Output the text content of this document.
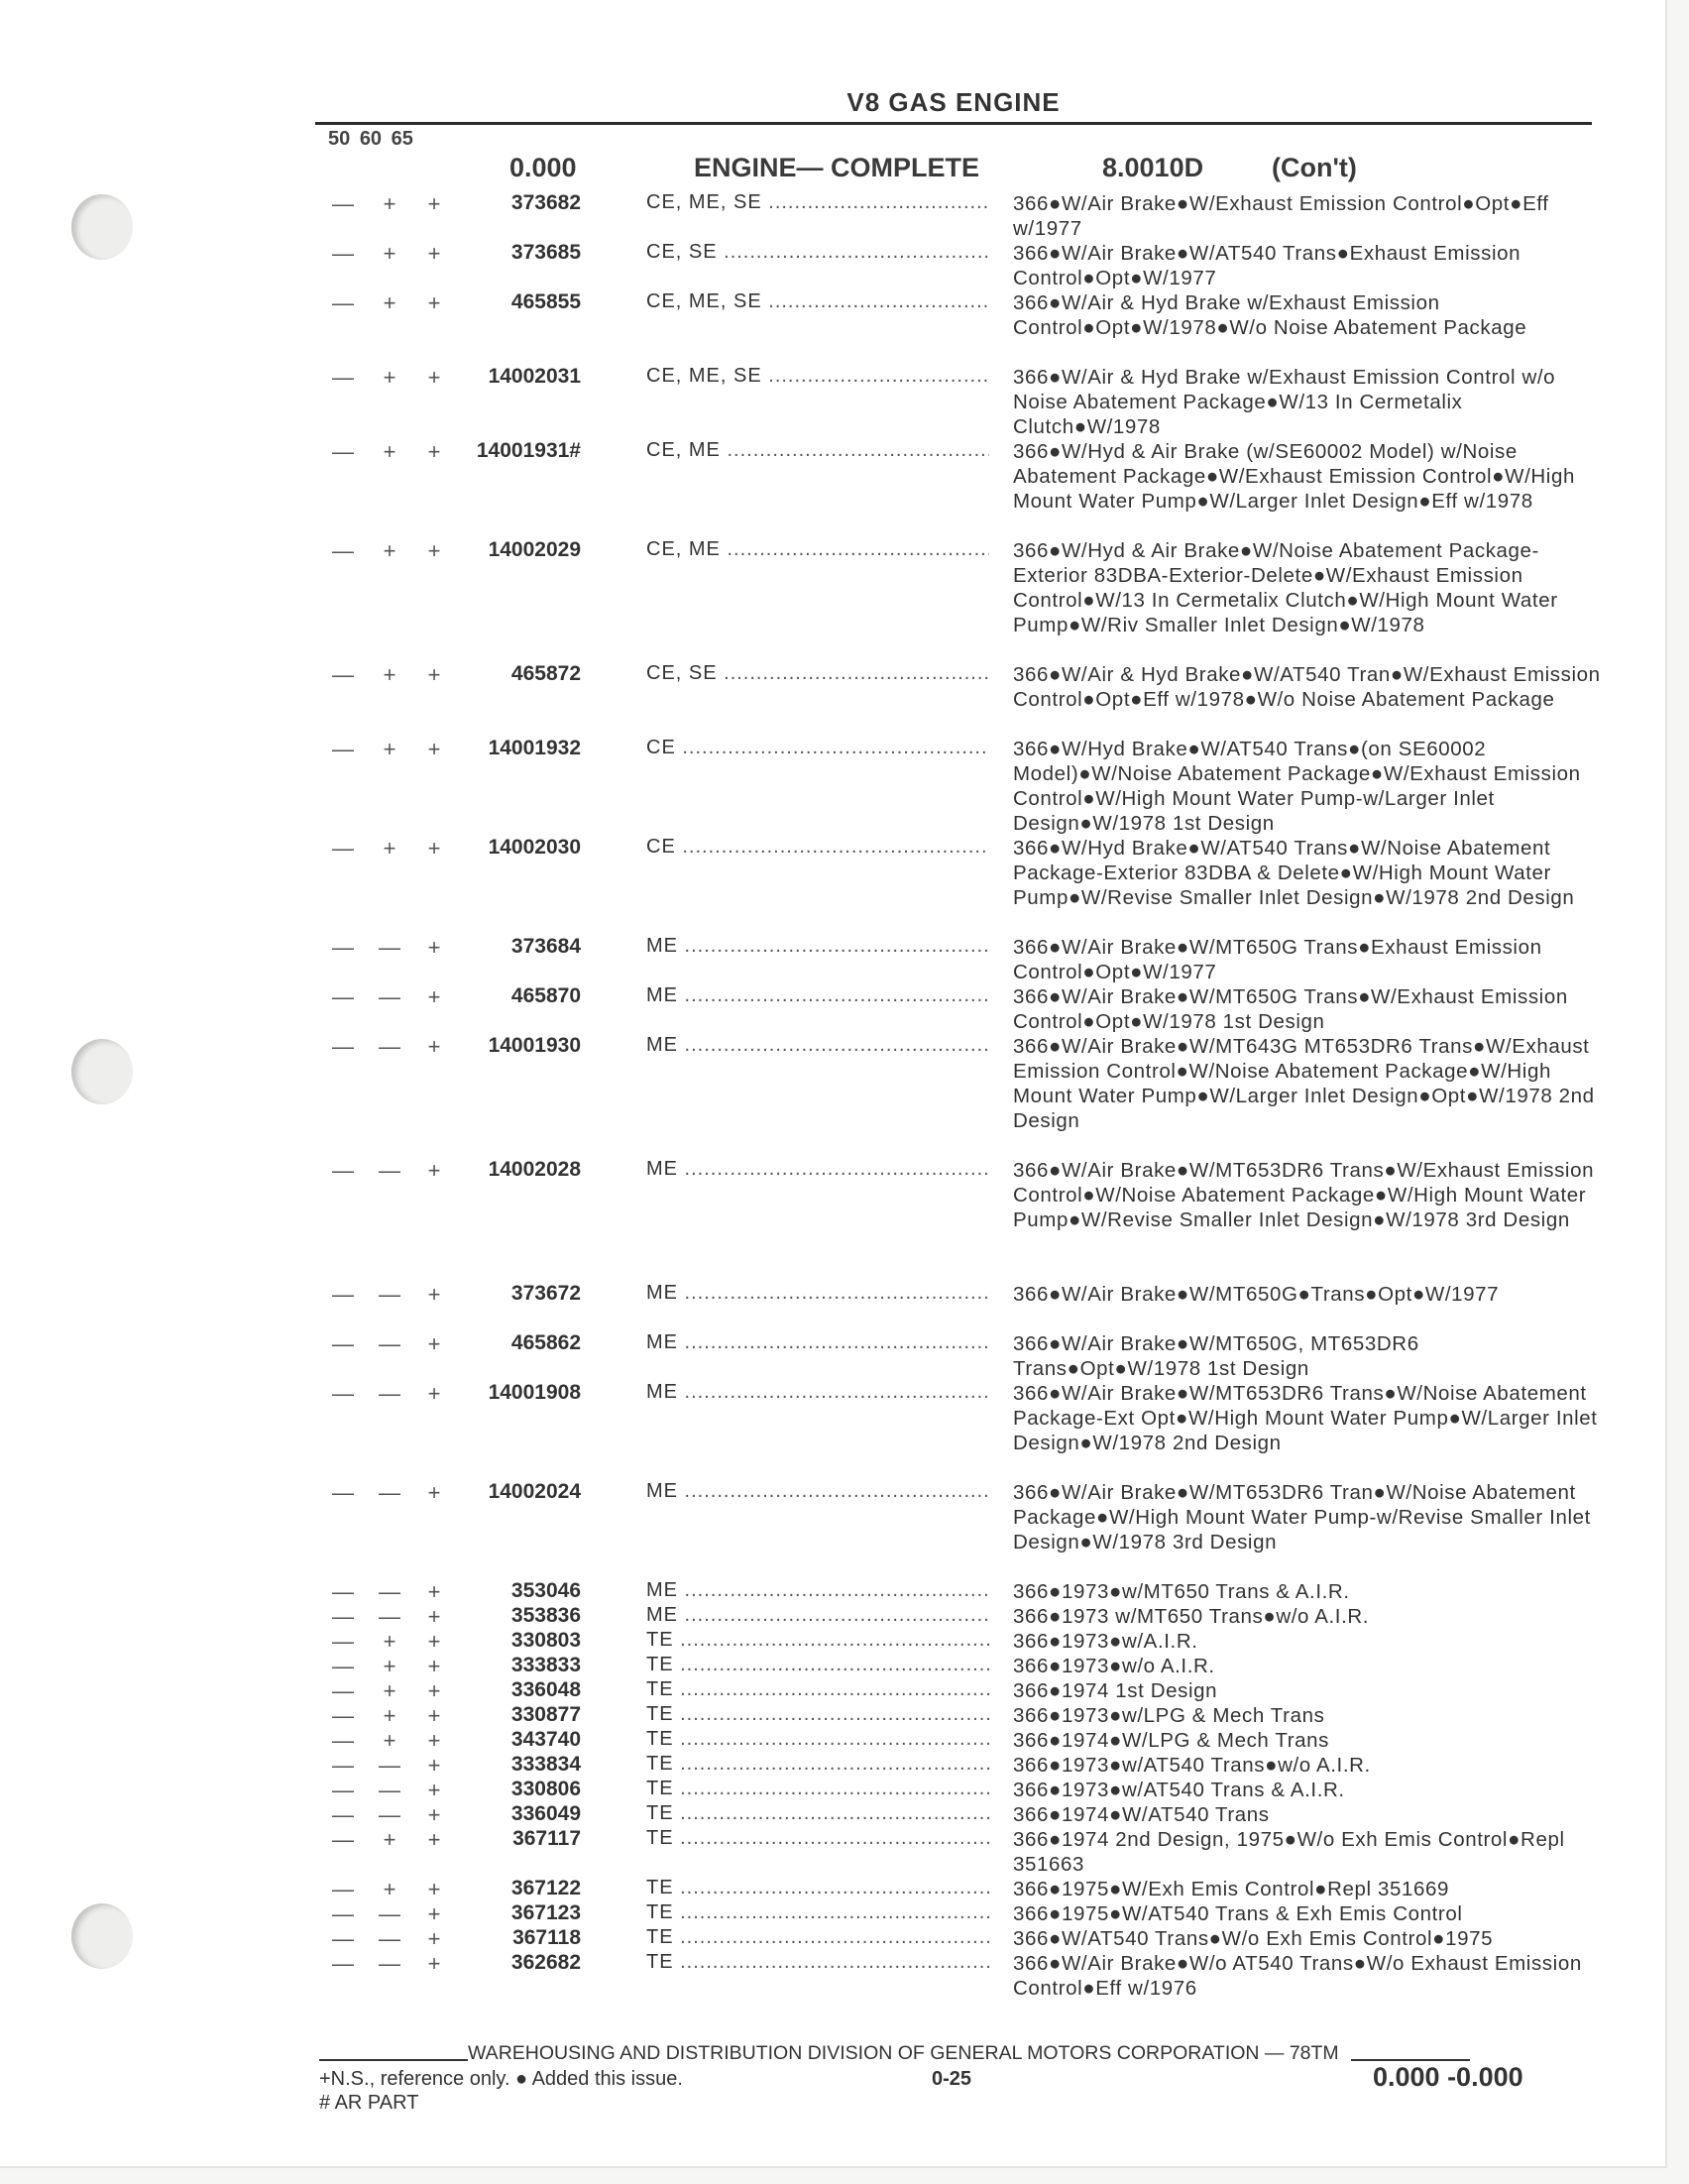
V8 GAS ENGINE
50 60 65
0.000	ENGINE— COMPLETE	8.0010D	(Con't)
—	+	+	373682	CE, ME, SE .....	366●W/Air Brake●W/Exhaust Emission Control●Opt●Eff w/1977
—	+	+	373685	CE, SE .....	366●W/Air Brake●W/AT540 Trans●Exhaust Emission Control●Opt●W/1977
—	+	+	465855	CE, ME, SE .....	366●W/Air & Hyd Brake w/Exhaust Emission Control●Opt●W/1978●W/o Noise Abatement Package
—	+	+	14002031	CE, ME, SE .....	366●W/Air & Hyd Brake w/Exhaust Emission Control w/o Noise Abatement Package●W/13 In Cermetalix Clutch●W/1978
—	+	+	14001931#	CE, ME .....	366●W/Hyd & Air Brake (w/SE60002 Model) w/Noise Abatement Package●W/Exhaust Emission Control●W/High Mount Water Pump●W/Larger Inlet Design●Eff w/1978
—	+	+	14002029	CE, ME .....	366●W/Hyd & Air Brake●W/Noise Abatement Package-Exterior 83DBA-Exterior-Delete●W/Exhaust Emission Control●W/13 In Cermetalix Clutch●W/High Mount Water Pump●W/Riv Smaller Inlet Design●W/1978
—	+	+	465872	CE, SE .....	366●W/Air & Hyd Brake●W/AT540 Tran●W/Exhaust Emission Control●Opt●Eff w/1978●W/o Noise Abatement Package
—	+	+	14001932	CE .....	366●W/Hyd Brake●W/AT540 Trans●(on SE60002 Model)●W/Noise Abatement Package●W/Exhaust Emission Control●W/High Mount Water Pump-w/Larger Inlet Design●W/1978 1st Design
—	+	+	14002030	CE .....	366●W/Hyd Brake●W/AT540 Trans●W/Noise Abatement Package-Exterior 83DBA & Delete●W/High Mount Water Pump●W/Revise Smaller Inlet Design●W/1978 2nd Design
— —	+	373684	ME .....	366●W/Air Brake●W/MT650G Trans●Exhaust Emission Control●Opt●W/1977
— —	+	465870	ME .....	366●W/Air Brake●W/MT650G Trans●W/Exhaust Emission Control●Opt●W/1978 1st Design
— —	+	14001930	ME .....	366●W/Air Brake●W/MT643G MT653DR6 Trans●W/Exhaust Emission Control●W/Noise Abatement Package●W/High Mount Water Pump●W/Larger Inlet Design●Opt●W/1978 2nd Design
— —	+	14002028	ME .....	366●W/Air Brake●W/MT653DR6 Trans●W/Exhaust Emission Control●W/Noise Abatement Package●W/High Mount Water Pump●W/Revise Smaller Inlet Design●W/1978 3rd Design
— —	+	373672	ME .....	366●W/Air Brake●W/MT650G●Trans●Opt●W/1977
— —	+	465862	ME .....	366●W/Air Brake●W/MT650G, MT653DR6 Trans●Opt●W/1978 1st Design
— —	+	14001908	ME .....	366●W/Air Brake●W/MT653DR6 Trans●W/Noise Abatement Package-Ext Opt●W/High Mount Water Pump●W/Larger Inlet Design●W/1978 2nd Design
— —	+	14002024	ME .....	366●W/Air Brake●W/MT653DR6 Tran●W/Noise Abatement Package●W/High Mount Water Pump-w/Revise Smaller Inlet Design●W/1978 3rd Design
— —	+	353046	ME .....	366●1973●w/MT650 Trans & A.I.R.
— —	+	353836	ME .....	366●1973 w/MT650 Trans●w/o A.I.R.
—	+	+	330803	TE .....	366●1973●w/A.I.R.
—	+	+	333833	TE .....	366●1973●w/o A.I.R.
—	+	+	336048	TE .....	366●1974 1st Design
—	+	+	330877	TE .....	366●1973●w/LPG & Mech Trans
—	+	+	343740	TE .....	366●1974●W/LPG & Mech Trans
— —	+	333834	TE .....	366●1973●w/AT540 Trans●w/o A.I.R.
— —	+	330806	TE .....	366●1973●w/AT540 Trans & A.I.R.
— —	+	336049	TE .....	366●1974●W/AT540 Trans
—	+	+	367117	TE .....	366●1974 2nd Design, 1975●W/o Exh Emis Control●Repl 351663
—	+	+	367122	TE .....	366●1975●W/Exh Emis Control●Repl 351669
— —	+	367123	TE .....	366●1975●W/AT540 Trans & Exh Emis Control
— —	+	367118	TE .....	366●W/AT540 Trans●W/o Exh Emis Control●1975
— —	+	362682	TE .....	366●W/Air Brake●W/o AT540 Trans●W/o Exhaust Emission Control●Eff w/1976
WAREHOUSING AND DISTRIBUTION DIVISION OF GENERAL MOTORS CORPORATION — 78TM
+N.S., reference only. ● Added this issue.
# AR PART
0-25	0.000 -0.000
